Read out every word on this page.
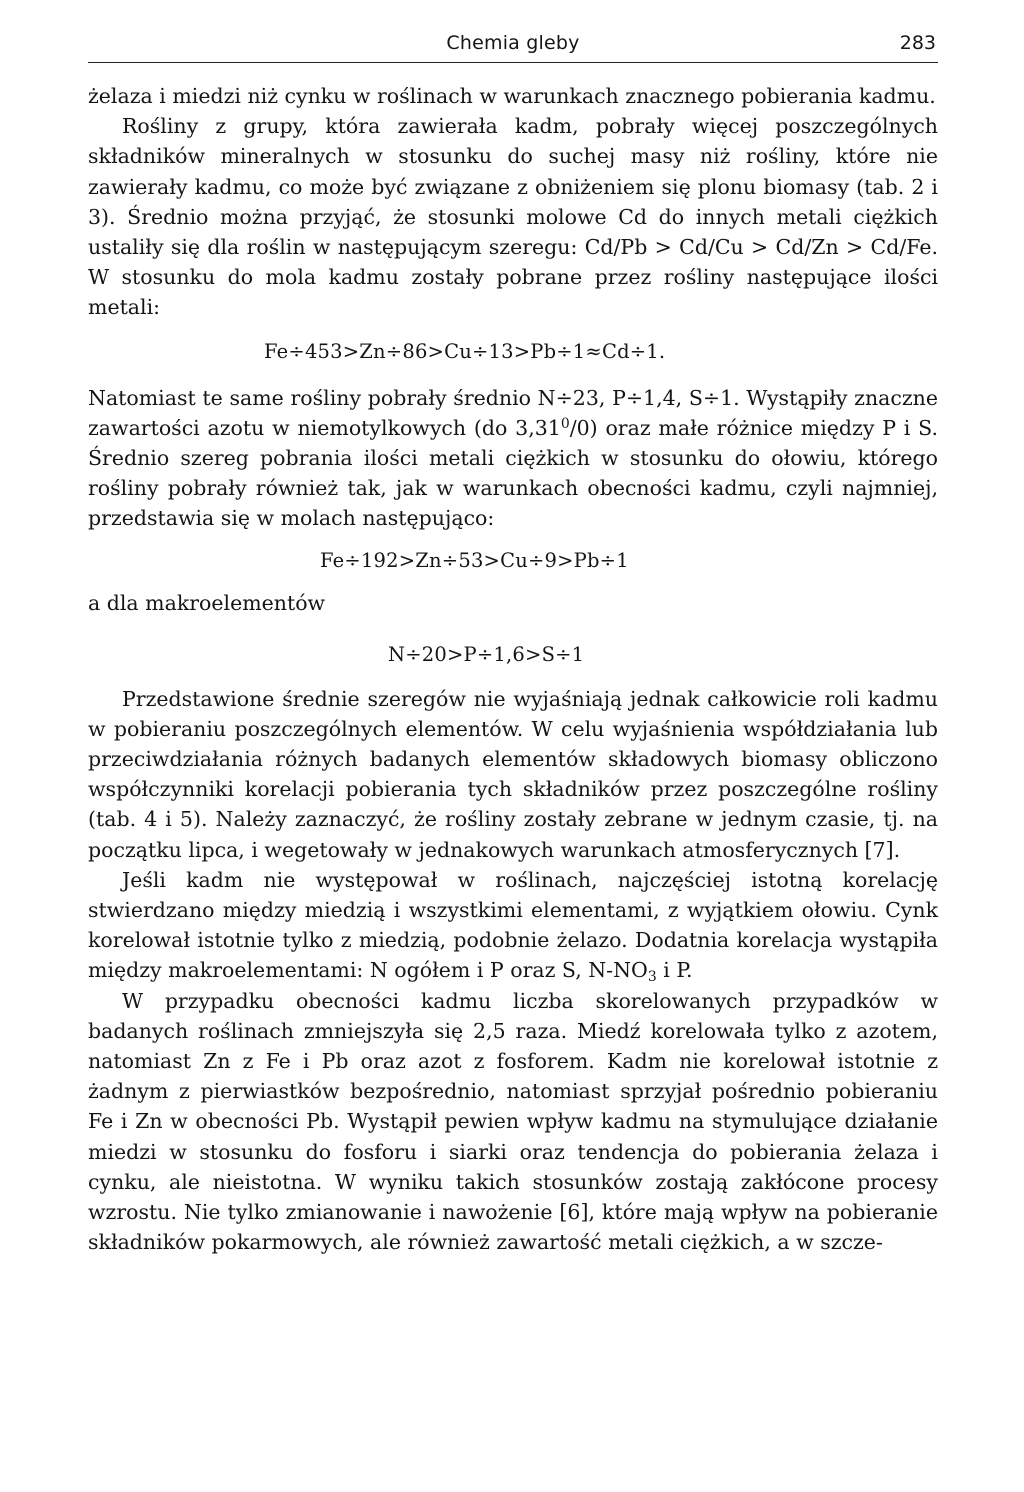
Chemia gleby	283

żelaza i miedzi niż cynku w roślinach w warunkach znacznego pobierania kadmu.

Rośliny z grupy, która zawierała kadm, pobrały więcej poszczególnych składników mineralnych w stosunku do suchej masy niż rośliny, które nie zawierały kadmu, co może być związane z obniżeniem się plonu biomasy (tab. 2 i 3). Średnio można przyjąć, że stosunki molowe Cd do innych metali ciężkich ustaliły się dla roślin w następującym szeregu: Cd/Pb > Cd/Cu > Cd/Zn > Cd/Fe. W stosunku do mola kadmu zostały pobrane przez rośliny następujące ilości metali:

Fe÷453>Zn÷86>Cu÷13>Pb÷1≈Cd÷1.

Natomiast te same rośliny pobrały średnio N÷23, P÷1,4, S÷1. Wystąpiły znaczne zawartości azotu w niemotylkowych (do 3,31$^0$/0) oraz małe różnice między P i S. Średnio szereg pobrania ilości metali ciężkich w stosunku do ołowiu, którego rośliny pobrały również tak, jak w warunkach obecności kadmu, czyli najmniej, przedstawia się w molach następująco:

Fe÷192>Zn÷53>Cu÷9>Pb÷1
a dla makroelementów
N÷20>P÷1,6>S÷1

Przedstawione średnie szeregów nie wyjaśniają jednak całkowicie roli kadmu w pobieraniu poszczególnych elementów. W celu wyjaśnienia współdziałania lub przeciwdziałania różnych badanych elementów składowych biomasy obliczono współczynniki korelacji pobierania tych składników przez poszczególne rośliny (tab. 4 i 5). Należy zaznaczyć, że rośliny zostały zebrane w jednym czasie, tj. na początku lipca, i wegetowały w jednakowych warunkach atmosferycznych [7].

Jeśli kadm nie występował w roślinach, najczęściej istotną korelację stwierdzano między miedzią i wszystkimi elementami, z wyjątkiem ołowiu. Cynk korelował istotnie tylko z miedzią, podobnie żelazo. Dodatnia korelacja wystąpiła między makroelementami: N ogółem i P oraz S, $N-NO_3$ i P.

W przypadku obecności kadmu liczba skorelowanych przypadków w badanych roślinach zmniejszyła się 2,5 raza. Miedź korelowała tylko z azotem, natomiast Zn z Fe i Pb oraz azot z fosforem. Kadm nie korelował istotnie z żadnym z pierwiastków bezpośrednio, natomiast sprzyjał pośrednio pobieraniu Fe i Zn w obecności Pb. Wystąpił pewien wpływ kadmu na stymulujące działanie miedzi w stosunku do fosforu i siarki oraz tendencja do pobierania żelaza i cynku, ale nieistotna. W wyniku takich stosunków zostają zakłócone procesy wzrostu. Nie tylko zmianowanie i nawożenie [6], które mają wpływ na pobieranie składników pokarmowych, ale również zawartość metali ciężkich, a w szcze-
